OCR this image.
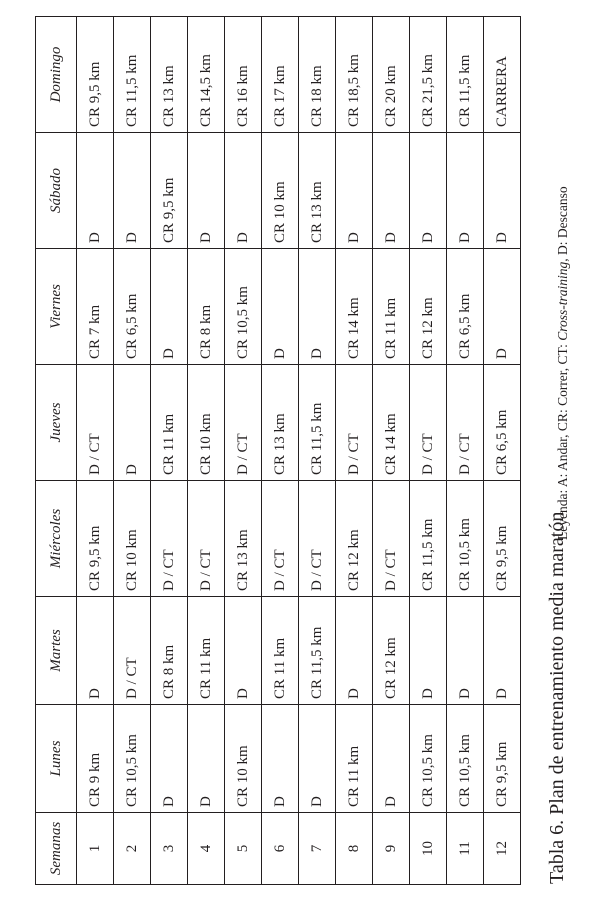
Semanas	Lunes	Martes	Miércoles	Jueves	Viernes	Sábado	Domingo
1	CR 9 km	D	CR 9,5 km	D / CT	CR 7 km	D	CR 9,5 km
2	CR 10,5 km	D / CT	CR 10 km	D	CR 6,5 km	D	CR 11,5 km
3	D	CR 8 km	D / CT	CR 11 km	D	CR 9,5 km	CR 13 km
4	D	CR 11 km	D / CT	CR 10 km	CR 8 km	D	CR 14,5 km
5	CR 10 km	D	CR 13 km	D / CT	CR 10,5 km	D	CR 16 km
6	D	CR 11 km	D / CT	CR 13 km	D	CR 10 km	CR 17 km
7	D	CR 11,5 km	D / CT	CR 11,5 km	D	CR 13 km	CR 18 km
8	CR 11 km	D	CR 12 km	D / CT	CR 14 km	D	CR 18,5 km
9	D	CR 12 km	D / CT	CR 14 km	CR 11 km	D	CR 20 km
10	CR 10,5 km	D	CR 11,5 km	D / CT	CR 12 km	D	CR 21,5 km
11	CR 10,5 km	D	CR 10,5 km	D / CT	CR 6,5 km	D	CR 11,5 km
12	CR 9,5 km	D	CR 9,5 km	CR 6,5 km	D	D	CARRERA
Tabla 6. Plan de entrenamiento media maratón
Leyenda: A: Andar, CR: Correr, CT: Cross-training, D: Descanso
